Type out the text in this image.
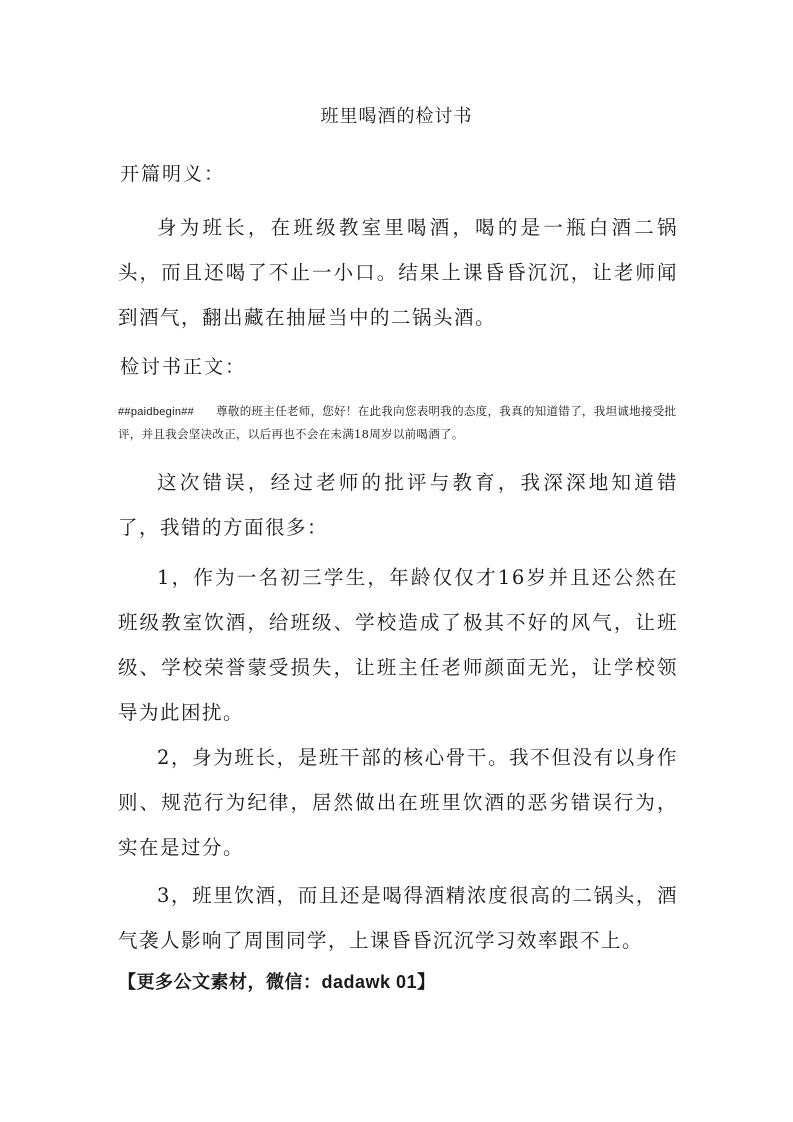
班里喝酒的检讨书
开篇明义：
身为班长，在班级教室里喝酒，喝的是一瓶白酒二锅头，而且还喝了不止一小口。结果上课昏昏沉沉，让老师闻到酒气，翻出藏在抽屉当中的二锅头酒。
检讨书正文：
##paidbegin## 尊敬的班主任老师，您好！在此我向您表明我的态度，我真的知道错了，我坦诚地接受批评，并且我会坚决改正，以后再也不会在未满18周岁以前喝酒了。
这次错误，经过老师的批评与教育，我深深地知道错了，我错的方面很多：
1，作为一名初三学生，年龄仅仅才16岁并且还公然在班级教室饮酒，给班级、学校造成了极其不好的风气，让班级、学校荣誉蒙受损失，让班主任老师颜面无光，让学校领导为此困扰。
2，身为班长，是班干部的核心骨干。我不但没有以身作则、规范行为纪律，居然做出在班里饮酒的恶劣错误行为，实在是过分。
3，班里饮酒，而且还是喝得酒精浓度很高的二锅头，酒气袭人影响了周围同学，上课昏昏沉沉学习效率跟不上。
【更多公文素材，微信：dadawk 01】
